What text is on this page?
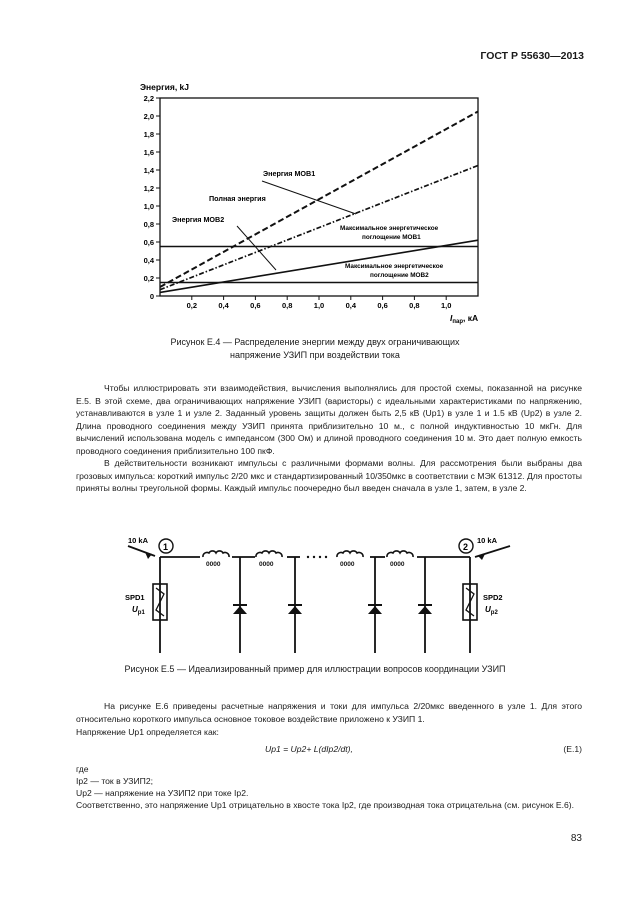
ГОСТ Р 55630—2013
Энергия, kJ
0
0,2
0,4
0,6
0,8
1,0
1,2
1,4
1,6
1,8
2,0
2,2
0,2	0,4	0,6	0,8	1,0	0,4	0,6	0,8	1,0
Энергия МОВ1
Полная энергия
Энергия МОВ2
Максимальное энергетическое
поглощение МОВ1
Максимальное энергетическое
поглощение МОВ2
$I_{пар}$, кА
Рисунок Е.4 — Распределение энергии между двух ограничивающих
напряжение УЗИП при воздействии тока

Чтобы иллюстрировать эти взаимодействия, вычисления выполнялись для простой схемы, показанной на рисунке Е.5. В этой схеме, два ограничивающих напряжение УЗИП (варисторы) с идеальными характеристиками по напряжению, устанавливаются в узле 1 и узле 2. Заданный уровень защиты должен быть 2,5 кВ (Up1) в узле 1 и 1.5 кВ (Up2) в узле 2. Длина проводного соединения между УЗИП принята приблизительно 10 м., с полной индуктивностью 10 мкГн. Для вычислений использована модель с импедансом (300 Ом) и длиной проводного соединения 10 м. Это дает полную емкость проводного соединения приблизительно 100 пкФ.

В действительности возникают импульсы с различными формами волны. Для рассмотрения были выбраны два грозовых импульса: короткий импульс 2/20 мкс и стандартизированный 10/350мкс в соответствии с МЭК 61312. Для простоты приняты волны треугольной формы. Каждый импульс поочередно был введен сначала в узле 1, затем, в узле 2.

0000	0000	0000	0000
1	2
10 kA	10 kA
SPD1	SPD2
$U_{p1}$	$U_{p2}$
Рисунок Е.5 — Идеализированный пример для иллюстрации вопросов координации УЗИП

На рисунке Е.6 приведены расчетные напряжения и токи для импульса 2/20мкс введенного в узле 1. Для этого относительно короткого импульса основное токовое воздействие приложено к УЗИП 1.

Напряжение Up1 определяется как:
Up1 = Up2+ L(dIp2/dt),	(Е.1)
где
Ip2 — ток в УЗИП2;
Up2 — напряжение на УЗИП2 при токе Ip2.

Соответственно, это напряжение Up1 отрицательно в хвосте тока Ip2, где производная тока отрицательна (см. рисунок Е.6).

83
